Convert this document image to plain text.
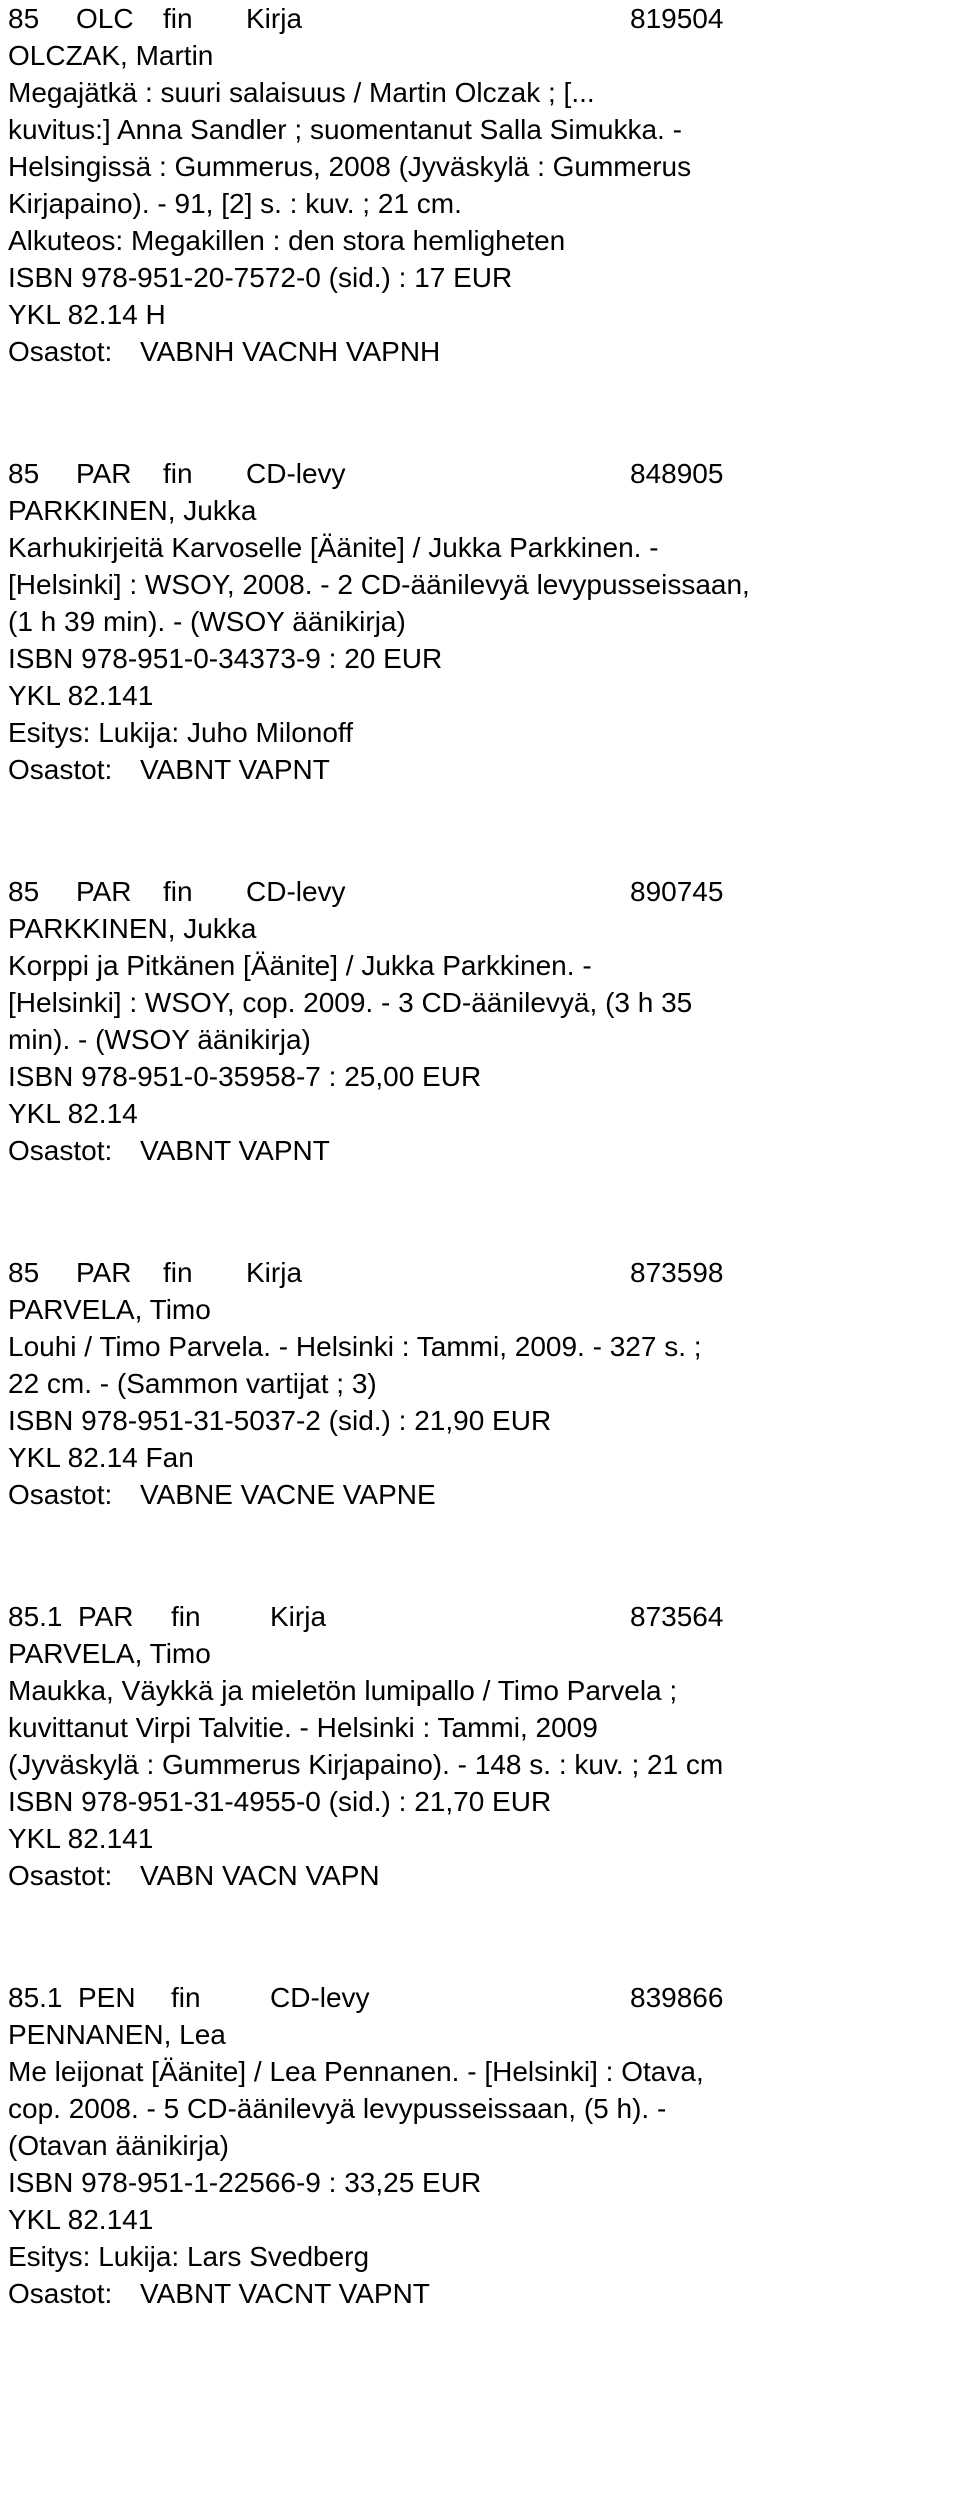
85 OLC fin Kirja	819504
OLCZAK, Martin
Megajätkä : suuri salaisuus / Martin Olczak ; [...
kuvitus:] Anna Sandler ; suomentanut Salla Simukka. -
Helsingissä : Gummerus, 2008 (Jyväskylä : Gummerus
Kirjapaino). - 91, [2] s. : kuv. ; 21 cm.
Alkuteos: Megakillen : den stora hemligheten
ISBN 978-951-20-7572-0 (sid.) : 17 EUR
YKL 82.14 H
Osastot: VABNH VACNH VAPNH
85 PAR fin CD-levy	848905
PARKKINEN, Jukka
Karhukirjeitä Karvoselle [Äänite] / Jukka Parkkinen. -
[Helsinki] : WSOY, 2008. - 2 CD-äänilevyä levypusseissaan,
(1 h 39 min). - (WSOY äänikirja)
ISBN 978-951-0-34373-9 : 20 EUR
YKL 82.141
Esitys: Lukija: Juho Milonoff
Osastot: VABNT VAPNT
85 PAR fin CD-levy	890745
PARKKINEN, Jukka
Korppi ja Pitkänen [Äänite] / Jukka Parkkinen. -
[Helsinki] : WSOY, cop. 2009. - 3 CD-äänilevyä, (3 h 35
min). - (WSOY äänikirja)
ISBN 978-951-0-35958-7 : 25,00 EUR
YKL 82.14
Osastot: VABNT VAPNT
85 PAR fin Kirja	873598
PARVELA, Timo
Louhi / Timo Parvela. - Helsinki : Tammi, 2009. - 327 s. ;
22 cm. - (Sammon vartijat ; 3)
ISBN 978-951-31-5037-2 (sid.) : 21,90 EUR
YKL 82.14 Fan
Osastot: VABNE VACNE VAPNE
85.1 PAR fin Kirja	873564
PARVELA, Timo
Maukka, Väykkä ja mieletön lumipallo / Timo Parvela ;
kuvittanut Virpi Talvitie. - Helsinki : Tammi, 2009
(Jyväskylä : Gummerus Kirjapaino). - 148 s. : kuv. ; 21 cm
ISBN 978-951-31-4955-0 (sid.) : 21,70 EUR
YKL 82.141
Osastot: VABN VACN VAPN
85.1 PEN fin CD-levy	839866
PENNANEN, Lea
Me leijonat [Äänite] / Lea Pennanen. - [Helsinki] : Otava,
cop. 2008. - 5 CD-äänilevyä levypusseissaan, (5 h). -
(Otavan äänikirja)
ISBN 978-951-1-22566-9 : 33,25 EUR
YKL 82.141
Esitys: Lukija: Lars Svedberg
Osastot: VABNT VACNT VAPNT
